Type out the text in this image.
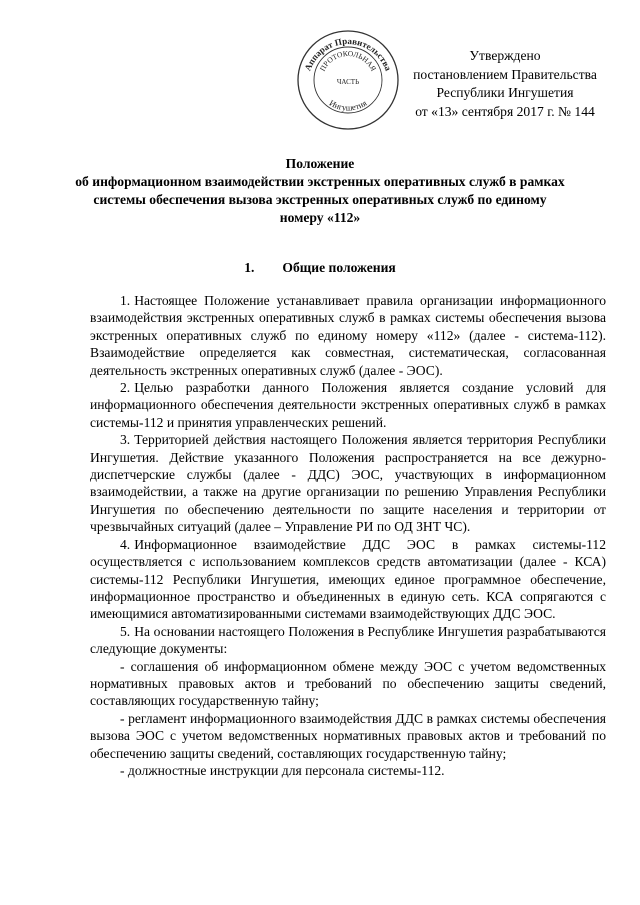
Утверждено
постановлением Правительства
Республики Ингушетия
от «13» сентября 2017 г. № 144
Аппарат Правительства
Ингушетия
ПРОТОКОЛЬНАЯ
ЧАСТЬ
Положение
об информационном взаимодействии экстренных оперативных служб в рамках
системы обеспечения вызова экстренных оперативных служб по единому
номеру «112»
1. Общие положения

1. Настоящее Положение устанавливает правила организации информационного взаимодействия экстренных оперативных служб в рамках системы обеспечения вызова экстренных оперативных служб по единому номеру «112» (далее - система-112). Взаимодействие определяется как совместная, систематическая, согласованная деятельность экстренных оперативных служб (далее - ЭОС).

2. Целью разработки данного Положения является создание условий для информационного обеспечения деятельности экстренных оперативных служб в рамках системы-112 и принятия управленческих решений.

3. Территорией действия настоящего Положения является территория Республики Ингушетия. Действие указанного Положения распространяется на все дежурно-диспетчерские службы (далее - ДДС) ЭОС, участвующих в информационном взаимодействии, а также на другие организации по решению Управления Республики Ингушетия по обеспечению деятельности по защите населения и территории от чрезвычайных ситуаций (далее – Управление РИ по ОД ЗНТ ЧС).

4. Информационное взаимодействие ДДС ЭОС в рамках системы-112 осуществляется с использованием комплексов средств автоматизации (далее - КСА) системы-112 Республики Ингушетия, имеющих единое программное обеспечение, информационное пространство и объединенных в единую сеть. КСА сопрягаются с имеющимися автоматизированными системами взаимодействующих ДДС ЭОС.

5. На основании настоящего Положения в Республике Ингушетия разрабатываются следующие документы:

- соглашения об информационном обмене между ЭОС с учетом ведомственных нормативных правовых актов и требований по обеспечению защиты сведений, составляющих государственную тайну;

- регламент информационного взаимодействия ДДС в рамках системы обеспечения вызова ЭОС с учетом ведомственных нормативных правовых актов и требований по обеспечению защиты сведений, составляющих государственную тайну;

- должностные инструкции для персонала системы-112.
